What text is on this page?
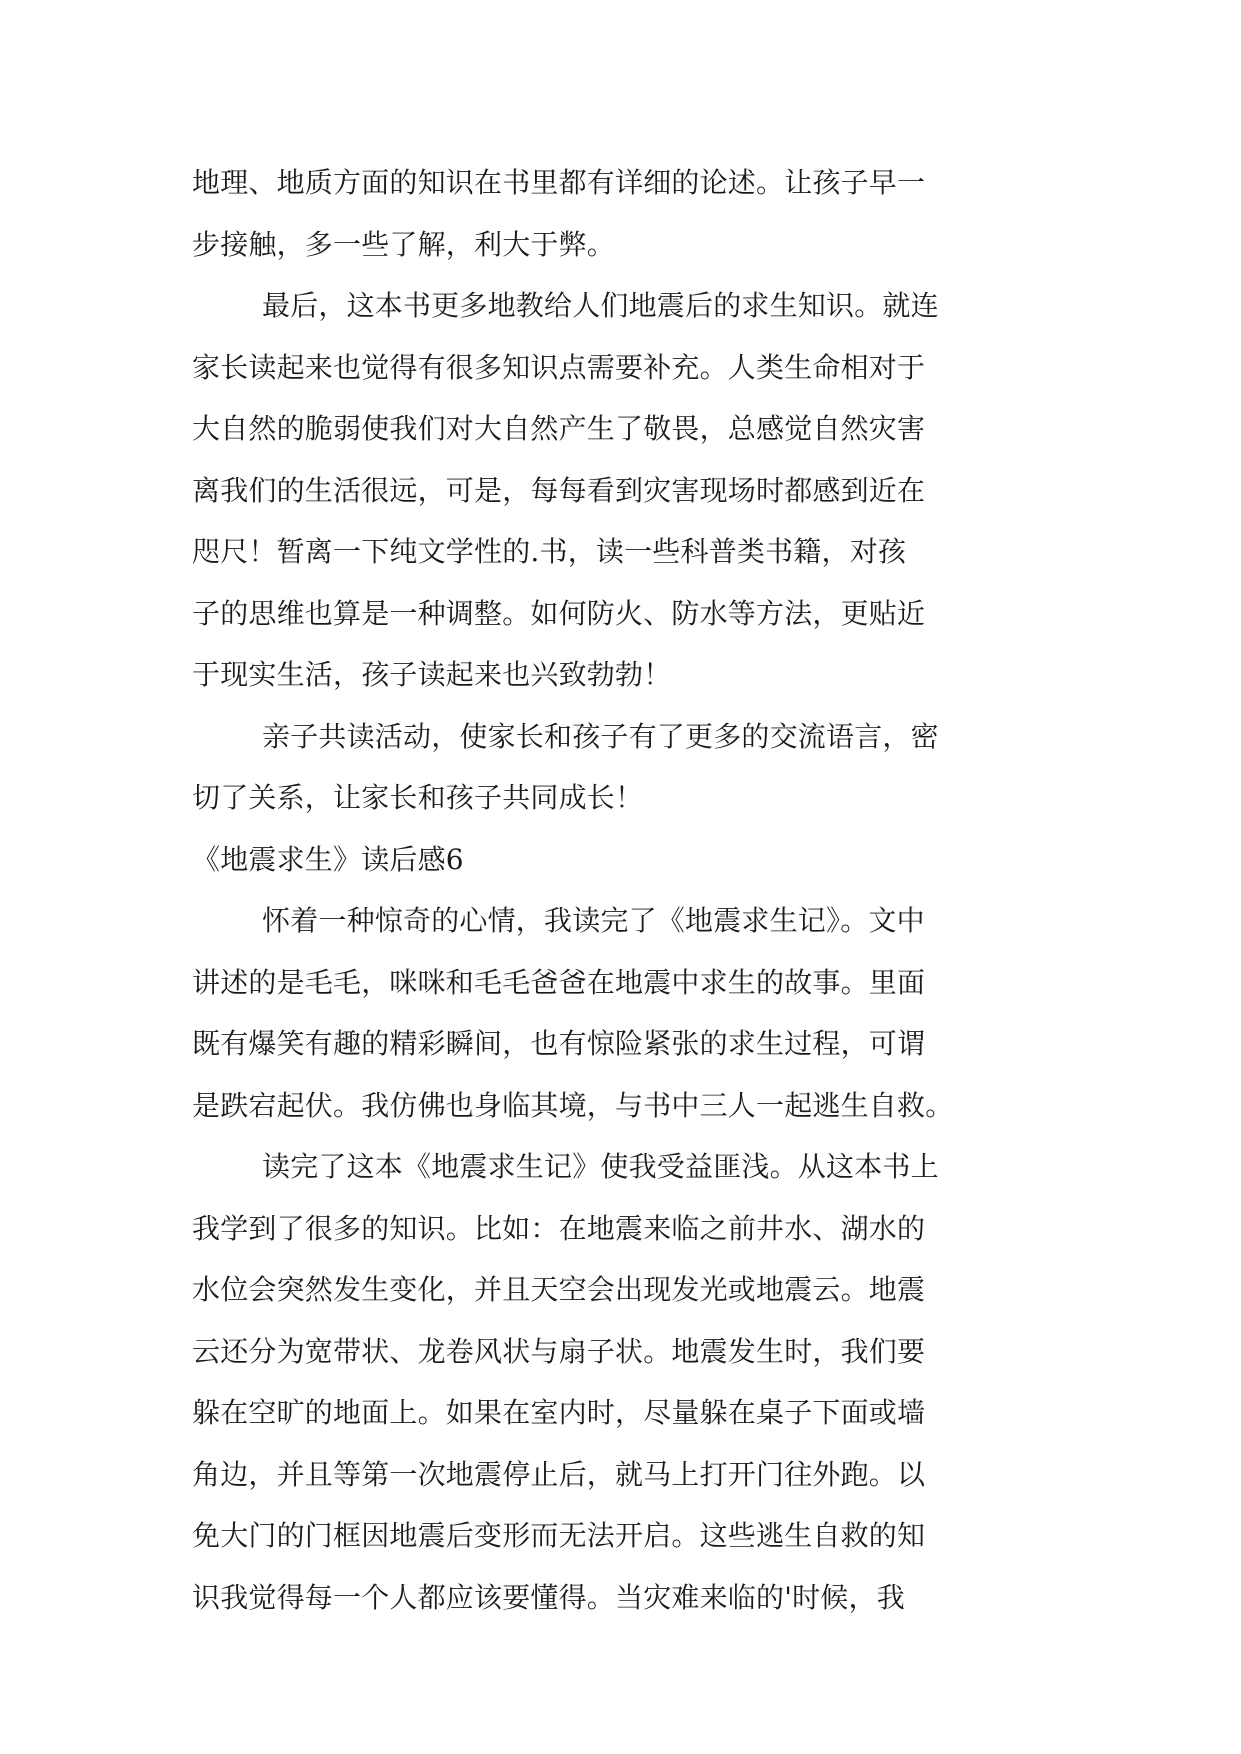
地理、地质方面的知识在书里都有详细的论述。让孩子早一
步接触，多一些了解，利大于弊。
最后，这本书更多地教给人们地震后的求生知识。就连
家长读起来也觉得有很多知识点需要补充。人类生命相对于
大自然的脆弱使我们对大自然产生了敬畏，总感觉自然灾害
离我们的生活很远，可是，每每看到灾害现场时都感到近在
咫尺！暂离一下纯文学性的.书，读一些科普类书籍，对孩
子的思维也算是一种调整。如何防火、防水等方法，更贴近
于现实生活，孩子读起来也兴致勃勃！
亲子共读活动，使家长和孩子有了更多的交流语言，密
切了关系，让家长和孩子共同成长！
《地震求生》读后感6
怀着一种惊奇的心情，我读完了《地震求生记》。文中
讲述的是毛毛，咪咪和毛毛爸爸在地震中求生的故事。里面
既有爆笑有趣的精彩瞬间，也有惊险紧张的求生过程，可谓
是跌宕起伏。我仿佛也身临其境，与书中三人一起逃生自救。
读完了这本《地震求生记》使我受益匪浅。从这本书上
我学到了很多的知识。比如：在地震来临之前井水、湖水的
水位会突然发生变化，并且天空会出现发光或地震云。地震
云还分为宽带状、龙卷风状与扇子状。地震发生时，我们要
躲在空旷的地面上。如果在室内时，尽量躲在桌子下面或墙
角边，并且等第一次地震停止后，就马上打开门往外跑。以
免大门的门框因地震后变形而无法开启。这些逃生自救的知
识我觉得每一个人都应该要懂得。当灾难来临的'时候，我
